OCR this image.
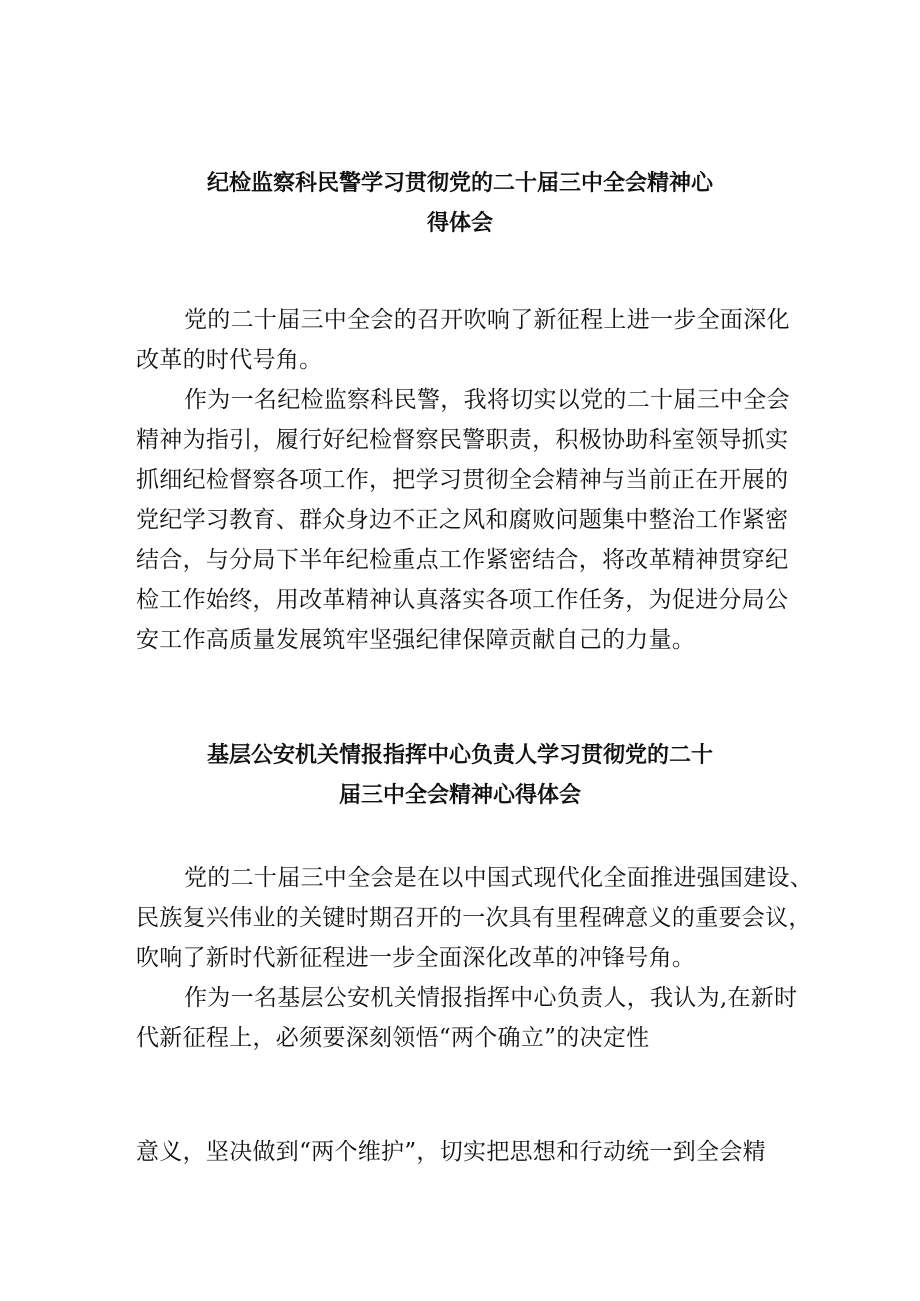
纪检监察科民警学习贯彻党的二十届三中全会精神心
得体会
党的二十届三中全会的召开吹响了新征程上进一步全面深化
改革的时代号角。
作为一名纪检监察科民警，我将切实以党的二十届三中全会
精神为指引，履行好纪检督察民警职责，积极协助科室领导抓实
抓细纪检督察各项工作，把学习贯彻全会精神与当前正在开展的
党纪学习教育、群众身边不正之风和腐败问题集中整治工作紧密
结合，与分局下半年纪检重点工作紧密结合，将改革精神贯穿纪
检工作始终，用改革精神认真落实各项工作任务，为促进分局公
安工作高质量发展筑牢坚强纪律保障贡献自己的力量。
基层公安机关情报指挥中心负责人学习贯彻党的二十
届三中全会精神心得体会
党的二十届三中全会是在以中国式现代化全面推进强国建设、
民族复兴伟业的关键时期召开的一次具有里程碑意义的重要会议，
吹响了新时代新征程进一步全面深化改革的冲锋号角。
作为一名基层公安机关情报指挥中心负责人，我认为,在新时
代新征程上，必须要深刻领悟“两个确立”的决定性
意义，坚决做到“两个维护”，切实把思想和行动统一到全会精
